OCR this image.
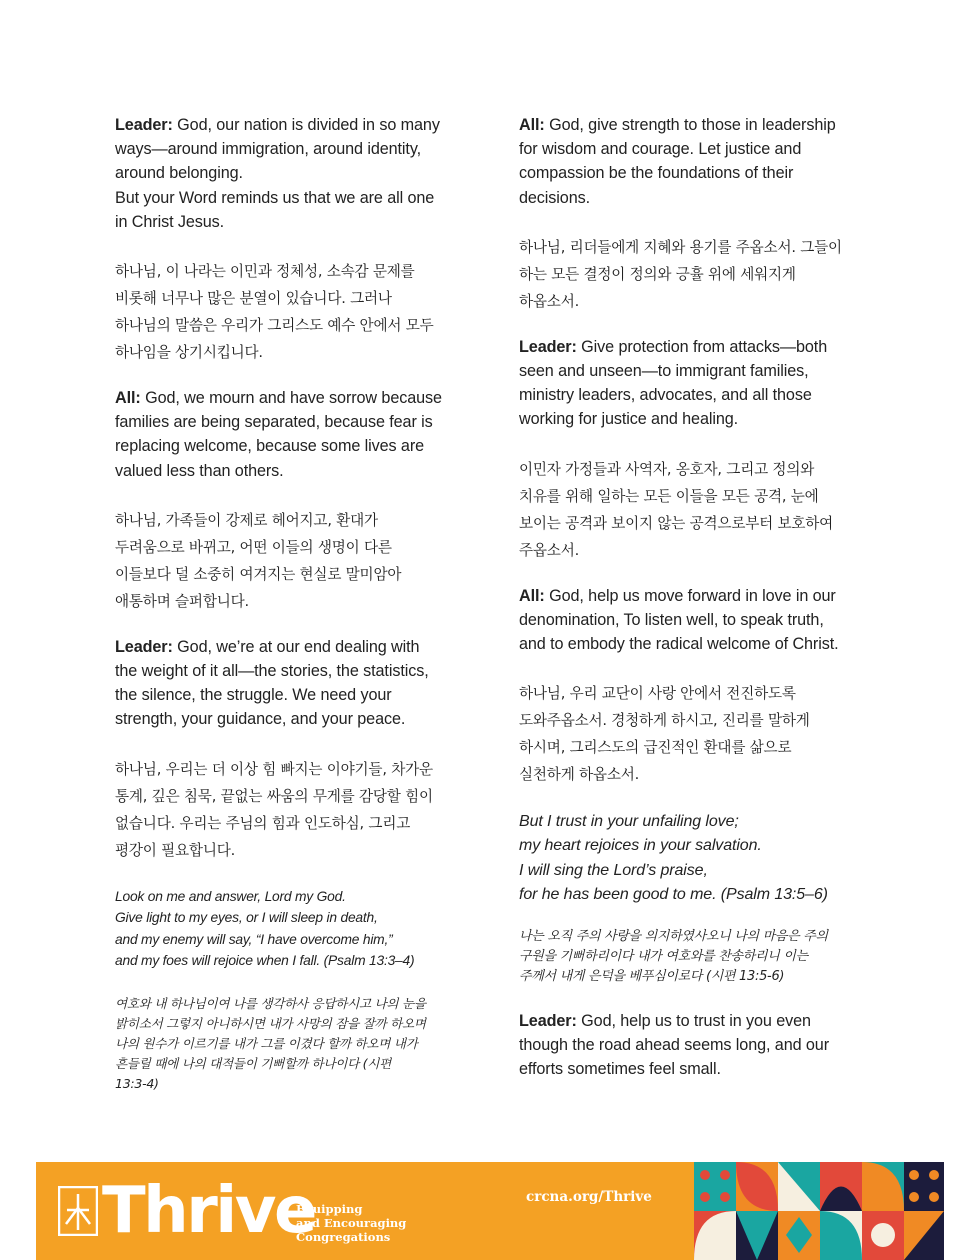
Leader: God, our nation is divided in so many
ways—around immigration, around identity,
around belonging.
But your Word reminds us that we are all one
in Christ Jesus.
하나님, 이 나라는 이민과 정체성, 소속감 문제를
비롯해 너무나 많은 분열이 있습니다. 그러나
하나님의 말씀은 우리가 그리스도 예수 안에서 모두
하나임을 상기시킵니다.
All: God, we mourn and have sorrow because
families are being separated, because fear is
replacing welcome, because some lives are
valued less than others.
하나님, 가족들이 강제로 헤어지고, 환대가
두려움으로 바뀌고, 어떤 이들의 생명이 다른
이들보다 덜 소중히 여겨지는 현실로 말미암아
애통하며 슬퍼합니다.
Leader: God, we’re at our end dealing with
the weight of it all—the stories, the statistics,
the silence, the struggle. We need your
strength, your guidance, and your peace.
하나님, 우리는 더 이상 힘 빠지는 이야기들, 차가운
통계, 깊은 침묵, 끝없는 싸움의 무게를 감당할 힘이
없습니다. 우리는 주님의 힘과 인도하심, 그리고
평강이 필요합니다.
Look on me and answer, Lord my God.
Give light to my eyes, or I will sleep in death,
and my enemy will say, “I have overcome him,”
and my foes will rejoice when I fall. (Psalm 13:3–4)
여호와 내 하나님이여 나를 생각하사 응답하시고 나의 눈을
밝히소서 그렇지 아니하시면 내가 사망의 잠을 잘까 하오며
나의 원수가 이르기를 내가 그를 이겼다 할까 하오며 내가
흔들릴 때에 나의 대적들이 기뻐할까 하나이다 (시편
13:3-4)
All: God, give strength to those in leadership
for wisdom and courage. Let justice and
compassion be the foundations of their
decisions.
하나님, 리더들에게 지혜와 용기를 주옵소서. 그들이
하는 모든 결정이 정의와 긍휼 위에 세워지게
하옵소서.
Leader: Give protection from attacks—both
seen and unseen—to immigrant families,
ministry leaders, advocates, and all those
working for justice and healing.
이민자 가정들과 사역자, 옹호자, 그리고 정의와
치유를 위해 일하는 모든 이들을 모든 공격, 눈에
보이는 공격과 보이지 않는 공격으로부터 보호하여
주옵소서.
All: God, help us move forward in love in our
denomination, To listen well, to speak truth,
and to embody the radical welcome of Christ.
하나님, 우리 교단이 사랑 안에서 전진하도록
도와주옵소서. 경청하게 하시고, 진리를 말하게
하시며, 그리스도의 급진적인 환대를 삶으로
실천하게 하옵소서.
But I trust in your unfailing love;
my heart rejoices in your salvation.
I will sing the Lord’s praise,
for he has been good to me. (Psalm 13:5–6)
나는 오직 주의 사랑을 의지하였사오니 나의 마음은 주의
구원을 기뻐하리이다 내가 여호와를 찬송하리니 이는
주께서 내게 은덕을 베푸심이로다 (시편 13:5-6)
Leader: God, help us to trust in you even
though the road ahead seems long, and our
efforts sometimes feel small.
Thrive
Equipping
and Encouraging
Congregations
crcna.org/Thrive
